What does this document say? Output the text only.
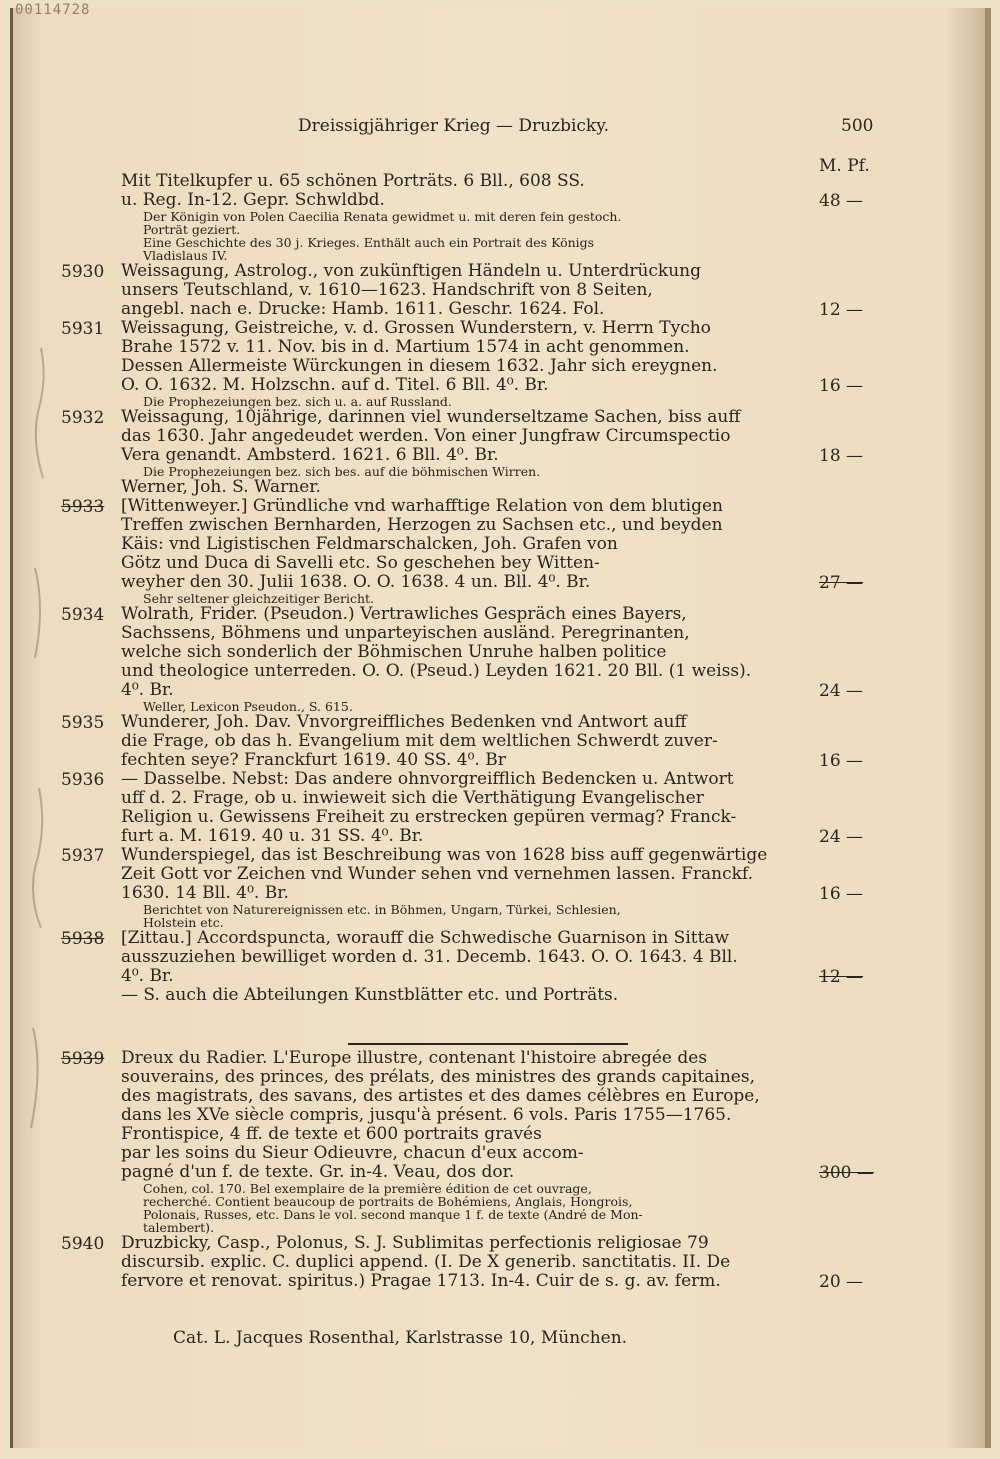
00114728
Dreissigjähriger Krieg — Druzbicky.	500
M. Pf.
Mit Titelkupfer u. 65 schönen Porträts. 6 Bll., 608 SS.
u. Reg. In-12. Gepr. Schwldbd.
Der Königin von Polen Caecilia Renata gewidmet u. mit deren fein gestoch.
Porträt geziert.
Eine Geschichte des 30 j. Krieges. Enthält auch ein Portrait des Königs
Vladislaus IV.
48 —
5930 Weissagung, Astrolog., von zukünftigen Händeln u. Unterdrückung
unsers Teutschland, v. 1610—1623. Handschrift von 8 Seiten,
angebl. nach e. Drucke: Hamb. 1611. Geschr. 1624. Fol.	12 —
5931 Weissagung, Geistreiche, v. d. Grossen Wunderstern, v. Herrn Tycho
Brahe 1572 v. 11. Nov. bis in d. Martium 1574 in acht genommen.
Dessen Allermeiste Würckungen in diesem 1632. Jahr sich ereygnen.
O. O. 1632. M. Holzschn. auf d. Titel. 6 Bll. 4⁰. Br.
Die Prophezeiungen bez. sich u. a. auf Russland.
16 —
5932 Weissagung, 10jährige, darinnen viel wunderseltzame Sachen, biss auff
das 1630. Jahr angedeudet werden. Von einer Jungfraw Circumspectio
Vera genandt. Ambsterd. 1621. 6 Bll. 4⁰. Br.
Die Prophezeiungen bez. sich bes. auf die böhmischen Wirren.
18 —
Werner, Joh. S. Warner.
5933 [Wittenweyer.] Gründliche vnd warhafftige Relation von dem blutigen
Treffen zwischen Bernharden, Herzogen zu Sachsen etc., und beyden
Käis: vnd Ligistischen Feldmarschalcken, Joh. Grafen von
Götz und Duca di Savelli etc. So geschehen bey Witten-
weyher den 30. Julii 1638. O. O. 1638. 4 un. Bll. 4⁰. Br.
Sehr seltener gleichzeitiger Bericht.
27 —
5934 Wolrath, Frider. (Pseudon.) Vertrawliches Gespräch eines Bayers,
Sachssens, Böhmens und unparteyischen ausländ. Peregrinanten,
welche sich sonderlich der Böhmischen Unruhe halben politice
und theologice unterreden. O. O. (Pseud.) Leyden 1621. 20 Bll. (1 weiss).
4⁰. Br.
Weller, Lexicon Pseudon., S. 615.
24 —
5935 Wunderer, Joh. Dav. Vnvorgreiffliches Bedenken vnd Antwort auff
die Frage, ob das h. Evangelium mit dem weltlichen Schwerdt zuver-
fechten seye? Franckfurt 1619. 40 SS. 4⁰. Br	16 —
5936 — Dasselbe. Nebst: Das andere ohnvorgreifflich Bedencken u. Antwort
uff d. 2. Frage, ob u. inwieweit sich die Verthätigung Evangelischer
Religion u. Gewissens Freiheit zu erstrecken gepüren vermag? Franck-
furt a. M. 1619. 40 u. 31 SS. 4⁰. Br.	24 —
5937 Wunderspiegel, das ist Beschreibung was von 1628 biss auff gegenwärtige
Zeit Gott vor Zeichen vnd Wunder sehen vnd vernehmen lassen. Franckf.
1630. 14 Bll. 4⁰. Br.
Berichtet von Naturereignissen etc. in Böhmen, Ungarn, Türkei, Schlesien,
Holstein etc.
16 —
5938 [Zittau.] Accordspuncta, worauff die Schwedische Guarnison in Sittaw
ausszuziehen bewilliget worden d. 31. Decemb. 1643. O. O. 1643. 4 Bll.
4⁰. Br.	12 —
— S. auch die Abteilungen Kunstblätter etc. und Porträts.
5939 Dreux du Radier. L'Europe illustre, contenant l'histoire abregée des
souverains, des princes, des prélats, des ministres des grands capitaines,
des magistrats, des savans, des artistes et des dames célèbres en Europe,
dans les XVe siècle compris, jusqu'à présent. 6 vols. Paris 1755—1765.
Frontispice, 4 ff. de texte et 600 portraits gravés
par les soins du Sieur Odieuvre, chacun d'eux accom-
pagné d'un f. de texte. Gr. in-4. Veau, dos dor.
Cohen, col. 170. Bel exemplaire de la première édition de cet ouvrage,
recherché. Contient beaucoup de portraits de Bohémiens, Anglais, Hongrois,
Polonais, Russes, etc. Dans le vol. second manque 1 f. de texte (André de Mon-
talembert).
300 —
5940 Druzbicky, Casp., Polonus, S. J. Sublimitas perfectionis religiosae 79
discursib. explic. C. duplici append. (I. De X generib. sanctitatis. II. De
fervore et renovat. spiritus.) Pragae 1713. In-4. Cuir de s. g. av. ferm.	20 —
Cat. L. Jacques Rosenthal, Karlstrasse 10, München.
